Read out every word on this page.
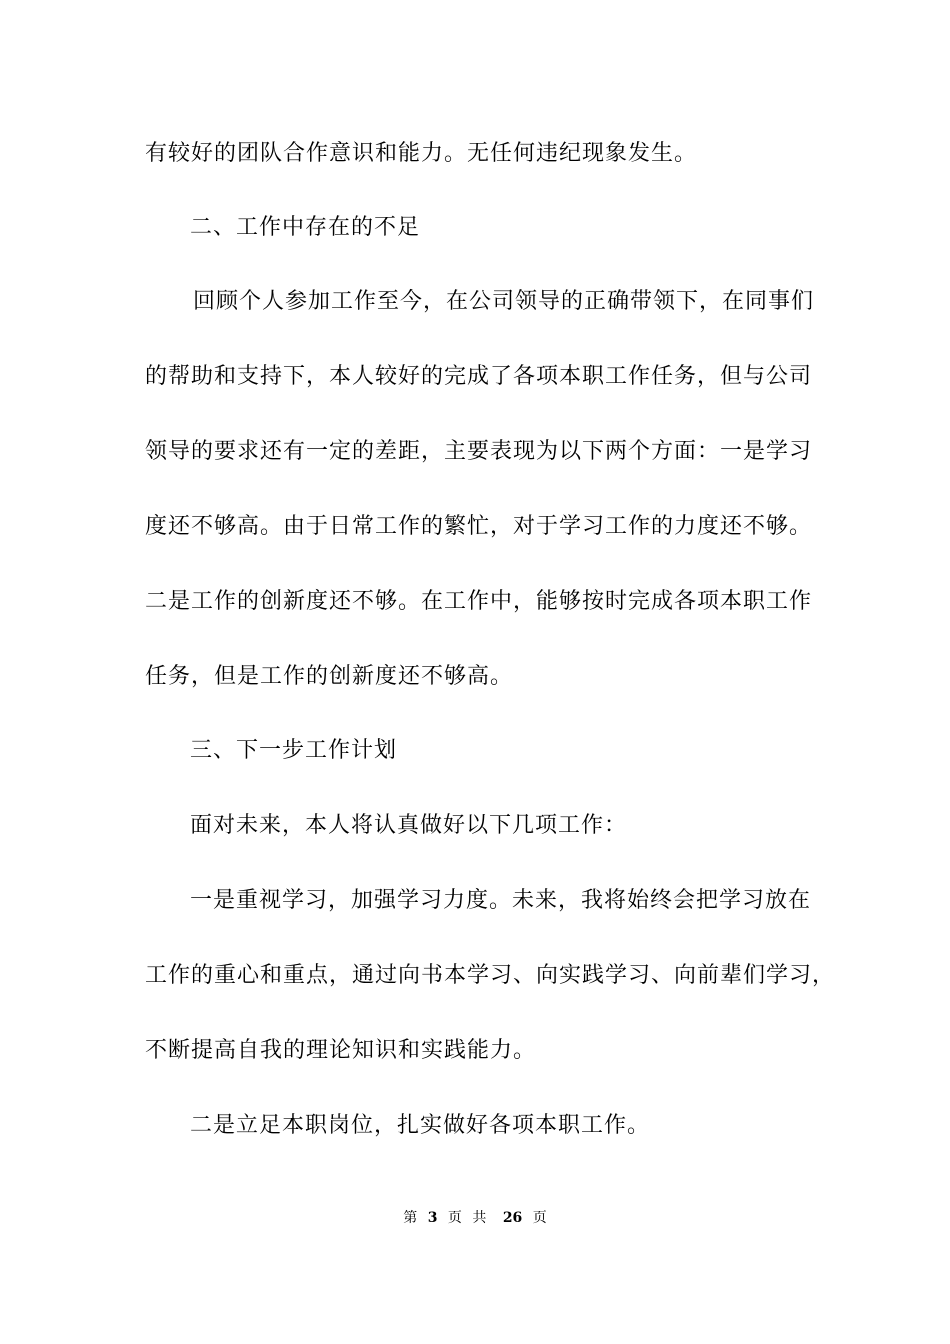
有较好的团队合作意识和能力。无任何违纪现象发生。
二、工作中存在的不足
回顾个人参加工作至今，在公司领导的正确带领下，在同事们
的帮助和支持下，本人较好的完成了各项本职工作任务，但与公司
领导的要求还有一定的差距，主要表现为以下两个方面：一是学习
度还不够高。由于日常工作的繁忙，对于学习工作的力度还不够。
二是工作的创新度还不够。在工作中，能够按时完成各项本职工作
任务，但是工作的创新度还不够高。
三、下一步工作计划
面对未来，本人将认真做好以下几项工作：
一是重视学习，加强学习力度。未来，我将始终会把学习放在
工作的重心和重点，通过向书本学习、向实践学习、向前辈们学习，
不断提高自我的理论知识和实践能力。
二是立足本职岗位，扎实做好各项本职工作。
第 3 页 共 26 页
